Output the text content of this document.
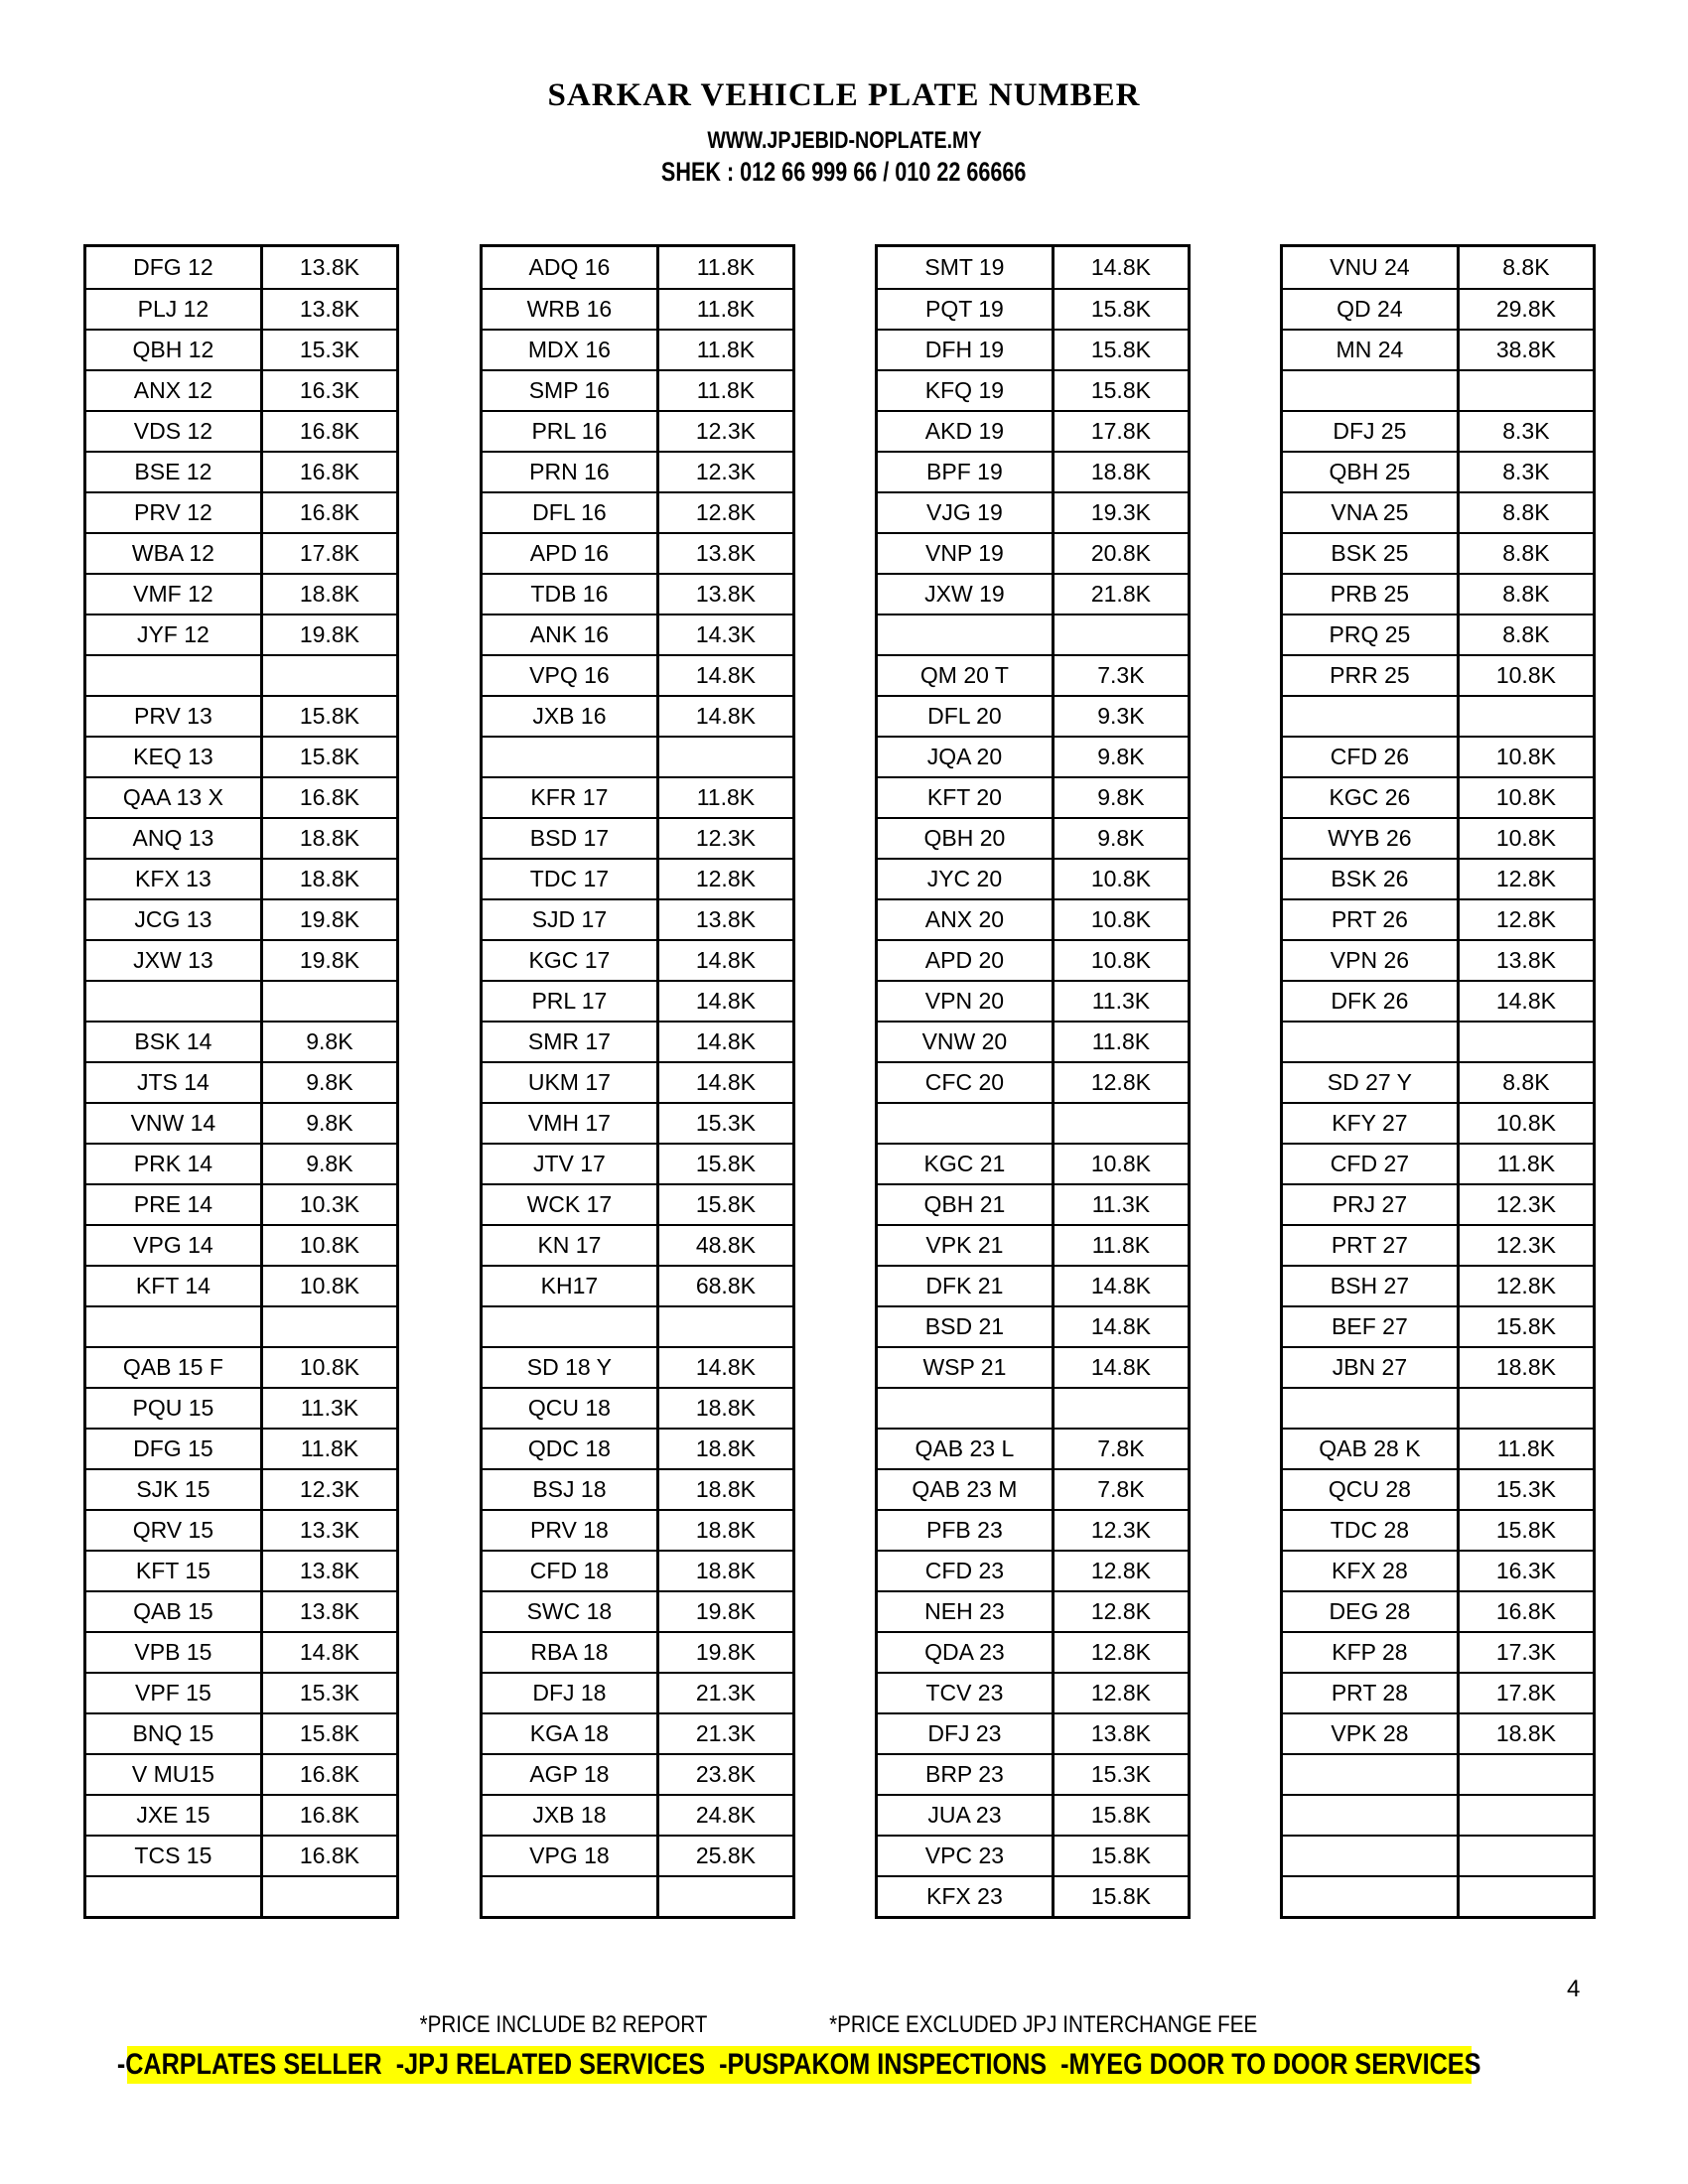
SARKAR VEHICLE PLATE NUMBER
WWW.JPJEBID-NOPLATE.MY
SHEK : 012 66 999 66 / 010 22 66666
DFG 12	13.8K
PLJ 12	13.8K
QBH 12	15.3K
ANX 12	16.3K
VDS 12	16.8K
BSE 12	16.8K
PRV 12	16.8K
WBA 12	17.8K
VMF 12	18.8K
JYF 12	19.8K
PRV 13	15.8K
KEQ 13	15.8K
QAA 13 X	16.8K
ANQ 13	18.8K
KFX 13	18.8K
JCG 13	19.8K
JXW 13	19.8K
BSK 14	9.8K
JTS 14	9.8K
VNW 14	9.8K
PRK 14	9.8K
PRE 14	10.3K
VPG 14	10.8K
KFT 14	10.8K
QAB 15 F	10.8K
PQU 15	11.3K
DFG 15	11.8K
SJK 15	12.3K
QRV 15	13.3K
KFT 15	13.8K
QAB 15	13.8K
VPB 15	14.8K
VPF 15	15.3K
BNQ 15	15.8K
V MU15	16.8K
JXE 15	16.8K
TCS 15	16.8K
ADQ 16	11.8K
WRB 16	11.8K
MDX 16	11.8K
SMP 16	11.8K
PRL 16	12.3K
PRN 16	12.3K
DFL 16	12.8K
APD 16	13.8K
TDB 16	13.8K
ANK 16	14.3K
VPQ 16	14.8K
JXB 16	14.8K
KFR 17	11.8K
BSD 17	12.3K
TDC 17	12.8K
SJD 17	13.8K
KGC 17	14.8K
PRL 17	14.8K
SMR 17	14.8K
UKM 17	14.8K
VMH 17	15.3K
JTV 17	15.8K
WCK 17	15.8K
KN 17	48.8K
KH17	68.8K
SD 18 Y	14.8K
QCU 18	18.8K
QDC 18	18.8K
BSJ 18	18.8K
PRV 18	18.8K
CFD 18	18.8K
SWC 18	19.8K
RBA 18	19.8K
DFJ 18	21.3K
KGA 18	21.3K
AGP 18	23.8K
JXB 18	24.8K
VPG 18	25.8K
SMT 19	14.8K
PQT 19	15.8K
DFH 19	15.8K
KFQ 19	15.8K
AKD 19	17.8K
BPF 19	18.8K
VJG 19	19.3K
VNP 19	20.8K
JXW 19	21.8K
QM 20 T	7.3K
DFL 20	9.3K
JQA 20	9.8K
KFT 20	9.8K
QBH 20	9.8K
JYC 20	10.8K
ANX 20	10.8K
APD 20	10.8K
VPN 20	11.3K
VNW 20	11.8K
CFC 20	12.8K
KGC 21	10.8K
QBH 21	11.3K
VPK 21	11.8K
DFK 21	14.8K
BSD 21	14.8K
WSP 21	14.8K
QAB 23 L	7.8K
QAB 23 M	7.8K
PFB 23	12.3K
CFD 23	12.8K
NEH 23	12.8K
QDA 23	12.8K
TCV 23	12.8K
DFJ 23	13.8K
BRP 23	15.3K
JUA 23	15.8K
VPC 23	15.8K
KFX 23	15.8K
VNU 24	8.8K
QD 24	29.8K
MN 24	38.8K
DFJ 25	8.3K
QBH 25	8.3K
VNA 25	8.8K
BSK 25	8.8K
PRB 25	8.8K
PRQ 25	8.8K
PRR 25	10.8K
CFD 26	10.8K
KGC 26	10.8K
WYB 26	10.8K
BSK 26	12.8K
PRT 26	12.8K
VPN 26	13.8K
DFK 26	14.8K
SD 27 Y	8.8K
KFY 27	10.8K
CFD 27	11.8K
PRJ 27	12.3K
PRT 27	12.3K
BSH 27	12.8K
BEF 27	15.8K
JBN 27	18.8K
QAB 28 K	11.8K
QCU 28	15.3K
TDC 28	15.8K
KFX 28	16.3K
DEG 28	16.8K
KFP 28	17.3K
PRT 28	17.8K
VPK 28	18.8K
4
*PRICE INCLUDE B2 REPORT	*PRICE EXCLUDED JPJ INTERCHANGE FEE
-CARPLATES SELLER  -JPJ RELATED SERVICES  -PUSPAKOM INSPECTIONS  -MYEG DOOR TO DOOR SERVICES
